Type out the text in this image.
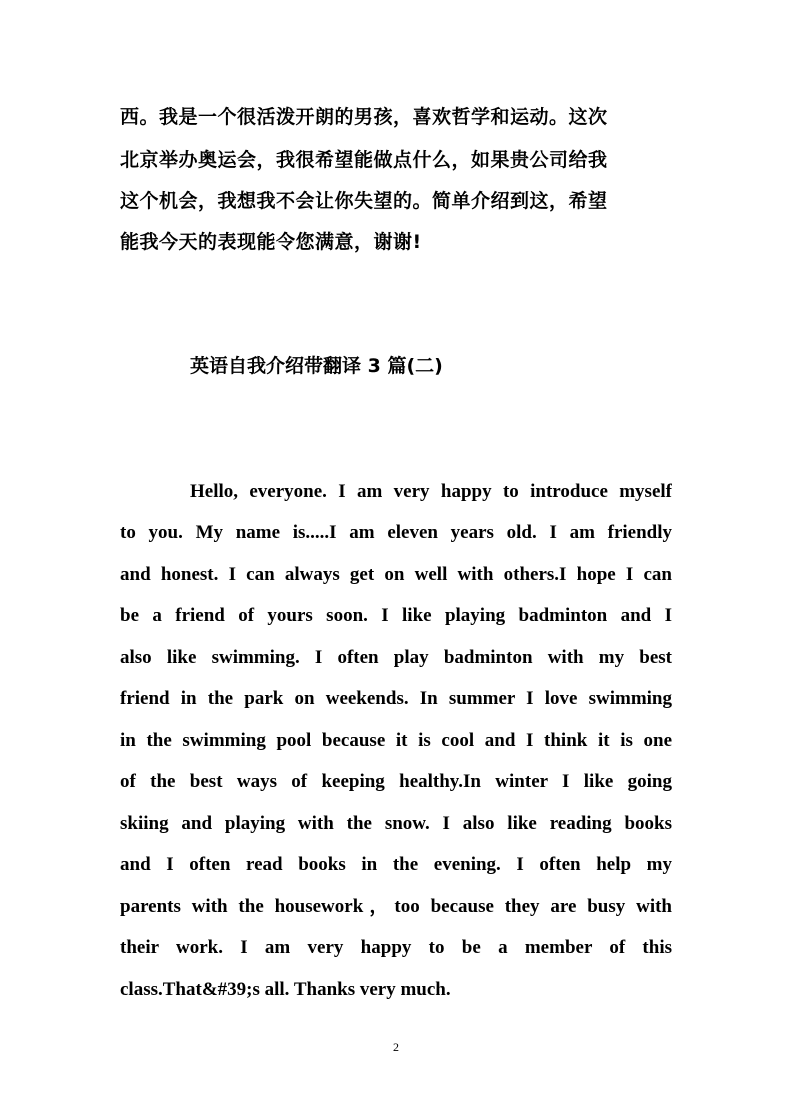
西。我是一个很活泼开朗的男孩，喜欢哲学和运动。这次
北京举办奥运会，我很希望能做点什么，如果贵公司给我
这个机会，我想我不会让你失望的。简单介绍到这，希望
能我今天的表现能令您满意，谢谢!
英语自我介绍带翻译 3 篇(二)
Hello, everyone. I am very happy to introduce myself
to you. My name is.....I am eleven years old. I am friendly
and honest. I can always get on well with others.I hope I can
be a friend of yours soon. I like playing badminton and I
also like swimming. I often play badminton with my best
friend in the park on weekends. In summer I love swimming
in the swimming pool because it is cool and I think it is one
of the best ways of keeping healthy.In winter I like going
skiing and playing with the snow. I also like reading books
and I often read books in the evening. I often help my
parents with the housework，too because they are busy with
their work. I am very happy to be a member of this
class.That&#39;s all. Thanks very much.
2
